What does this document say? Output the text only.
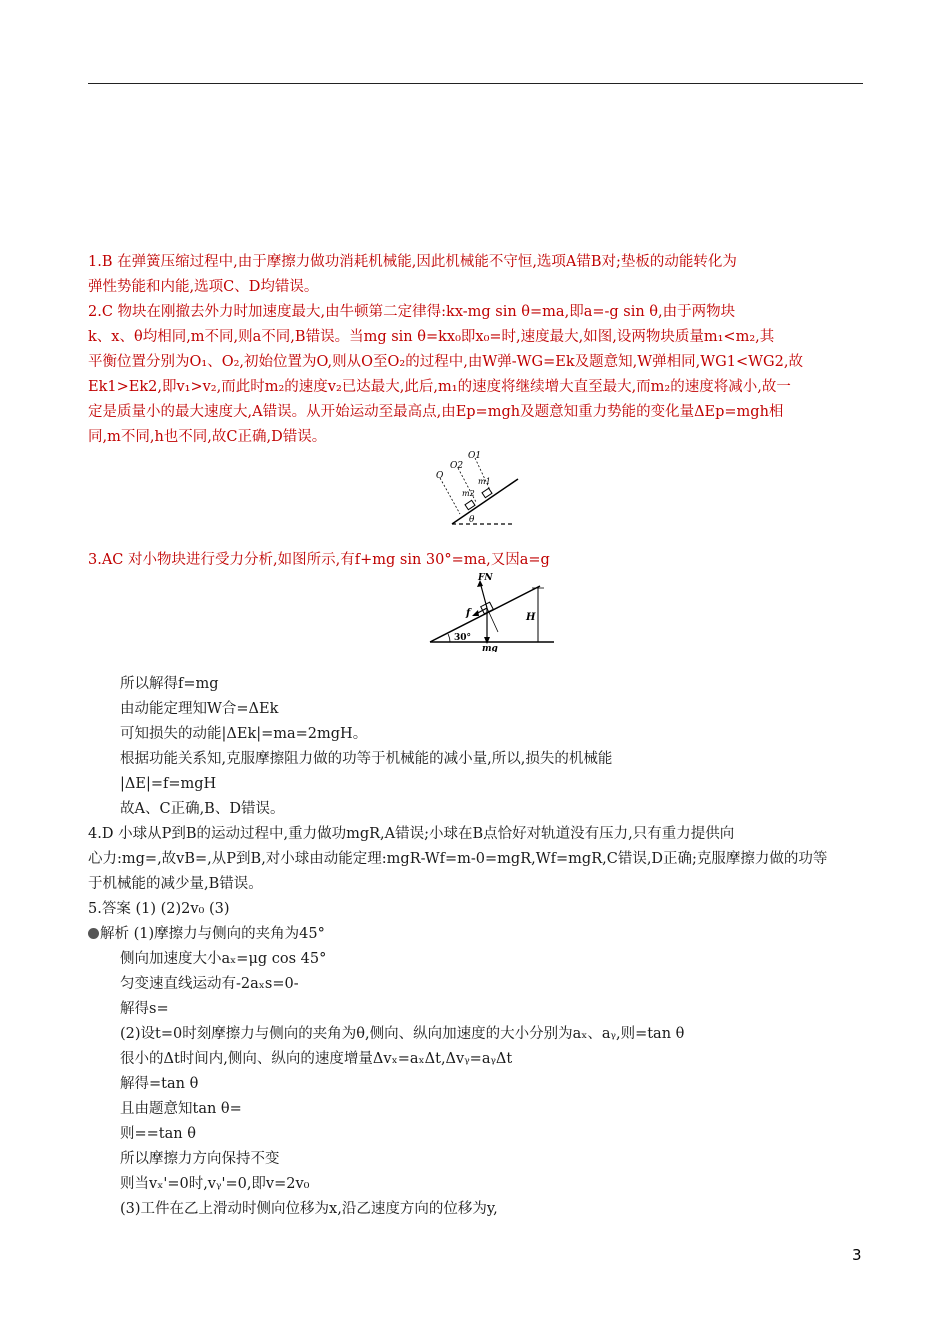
1.B 在弹簧压缩过程中,由于摩擦力做功消耗机械能,因此机械能不守恒,选项A错B对;垫板的动能转化为
弹性势能和内能,选项C、D均错误。
2.C 物块在刚撤去外力时加速度最大,由牛顿第二定律得:kx-mg sin θ=ma,即a=-g sin θ,由于两物块
k、x、θ均相同,m不同,则a不同,B错误。当mg sin θ=kx₀即x₀=时,速度最大,如图,设两物块质量m₁<m₂,其
平衡位置分别为O₁、O₂,初始位置为O,则从O至O₂的过程中,由W弹-WG=Ek及题意知,W弹相同,WG1<WG2,故
Ek1>Ek2,即v₁>v₂,而此时m₂的速度v₂已达最大,此后,m₁的速度将继续增大直至最大,而m₂的速度将减小,故一
定是质量小的最大速度大,A错误。从开始运动至最高点,由Ep=mgh及题意知重力势能的变化量ΔEp=mgh相
同,m不同,h也不同,故C正确,D错误。
O
O2
O1
m2
m1
θ
3.AC 对小物块进行受力分析,如图所示,有f+mg sin 30°=ma,又因a=g
FN
f	H
30°
mg
所以解得f=mg
由动能定理知W合=ΔEk
可知损失的动能|ΔEk|=ma=2mgH。
根据功能关系知,克服摩擦阻力做的功等于机械能的减小量,所以,损失的机械能
|ΔE|=f=mgH
故A、C正确,B、D错误。
4.D 小球从P到B的运动过程中,重力做功mgR,A错误;小球在B点恰好对轨道没有压力,只有重力提供向
心力:mg=,故vB=,从P到B,对小球由动能定理:mgR-Wf=m-0=mgR,Wf=mgR,C错误,D正确;克服摩擦力做的功等
于机械能的减少量,B错误。
5.答案 (1) (2)2v₀ (3)
解析 (1)摩擦力与侧向的夹角为45°
侧向加速度大小aₓ=μg cos 45°
匀变速直线运动有-2aₓs=0-
解得s=
(2)设t=0时刻摩擦力与侧向的夹角为θ,侧向、纵向加速度的大小分别为aₓ、aᵧ,则=tan θ
很小的Δt时间内,侧向、纵向的速度增量Δvₓ=aₓΔt,Δvᵧ=aᵧΔt
解得=tan θ
且由题意知tan θ=
则==tan θ
所以摩擦力方向保持不变
则当vₓ'=0时,vᵧ'=0,即v=2v₀
(3)工件在乙上滑动时侧向位移为x,沿乙速度方向的位移为y,
3
